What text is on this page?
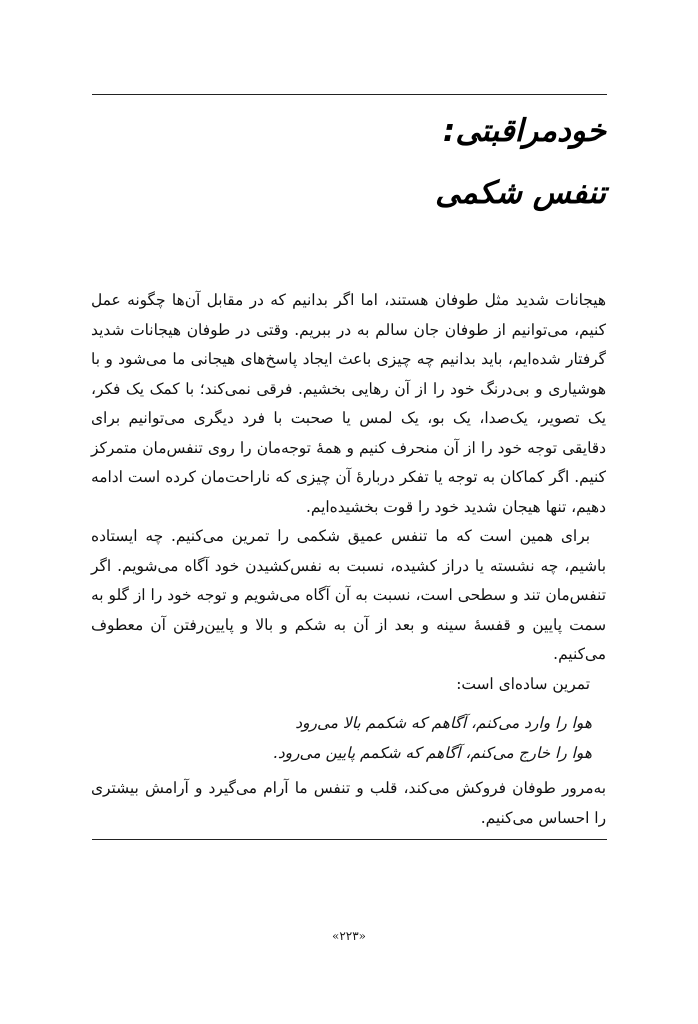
خودمراقبتی:
تنفس شکمی

هیجانات شدید مثل طوفان هستند، اما اگر بدانیم که در مقابل آن‌ها چگونه عمل کنیم، می‌توانیم از طوفان جان سالم به در ببریم. وقتی در طوفان هیجانات شدید گرفتار شده‌ایم، باید بدانیم چه چیزی باعث ایجاد پاسخ‌های هیجانی ما می‌شود و با هوشیاری و بی‌درنگ خود را از آن رهایی بخشیم. فرقی نمی‌کند؛ با کمک یک فکر، یک تصویر، یک‌صدا، یک بو، یک لمس یا صحبت با فرد دیگری می‌توانیم برای دقایقی توجه خود را از آن منحرف کنیم و همهٔ توجه‌مان را روی تنفس‌مان متمرکز کنیم. اگر کماکان به توجه یا تفکر دربارهٔ آن چیزی که ناراحت‌مان کرده است ادامه دهیم، تنها هیجان شدید خود را قوت بخشیده‌ایم.

برای همین است که ما تنفس عمیق شکمی را تمرین می‌کنیم. چه ایستاده باشیم، چه نشسته یا دراز کشیده، نسبت به نفس‌کشیدن خود آگاه می‌شویم. اگر تنفس‌مان تند و سطحی است، نسبت به آن آگاه می‌شویم و توجه خود را از گلو به سمت پایین و قفسهٔ سینه و بعد از آن به شکم و بالا و پایین‌رفتن آن معطوف می‌کنیم.

تمرین ساده‌ای است:

هوا را وارد می‌کنم، آگاهم که شکمم بالا می‌رود
هوا را خارج می‌کنم، آگاهم که شکمم پایین می‌رود.

به‌مرور طوفان فروکش می‌کند، قلب و تنفس ما آرام می‌گیرد و آرامش بیشتری را احساس می‌کنیم.

«۲۲۳»
